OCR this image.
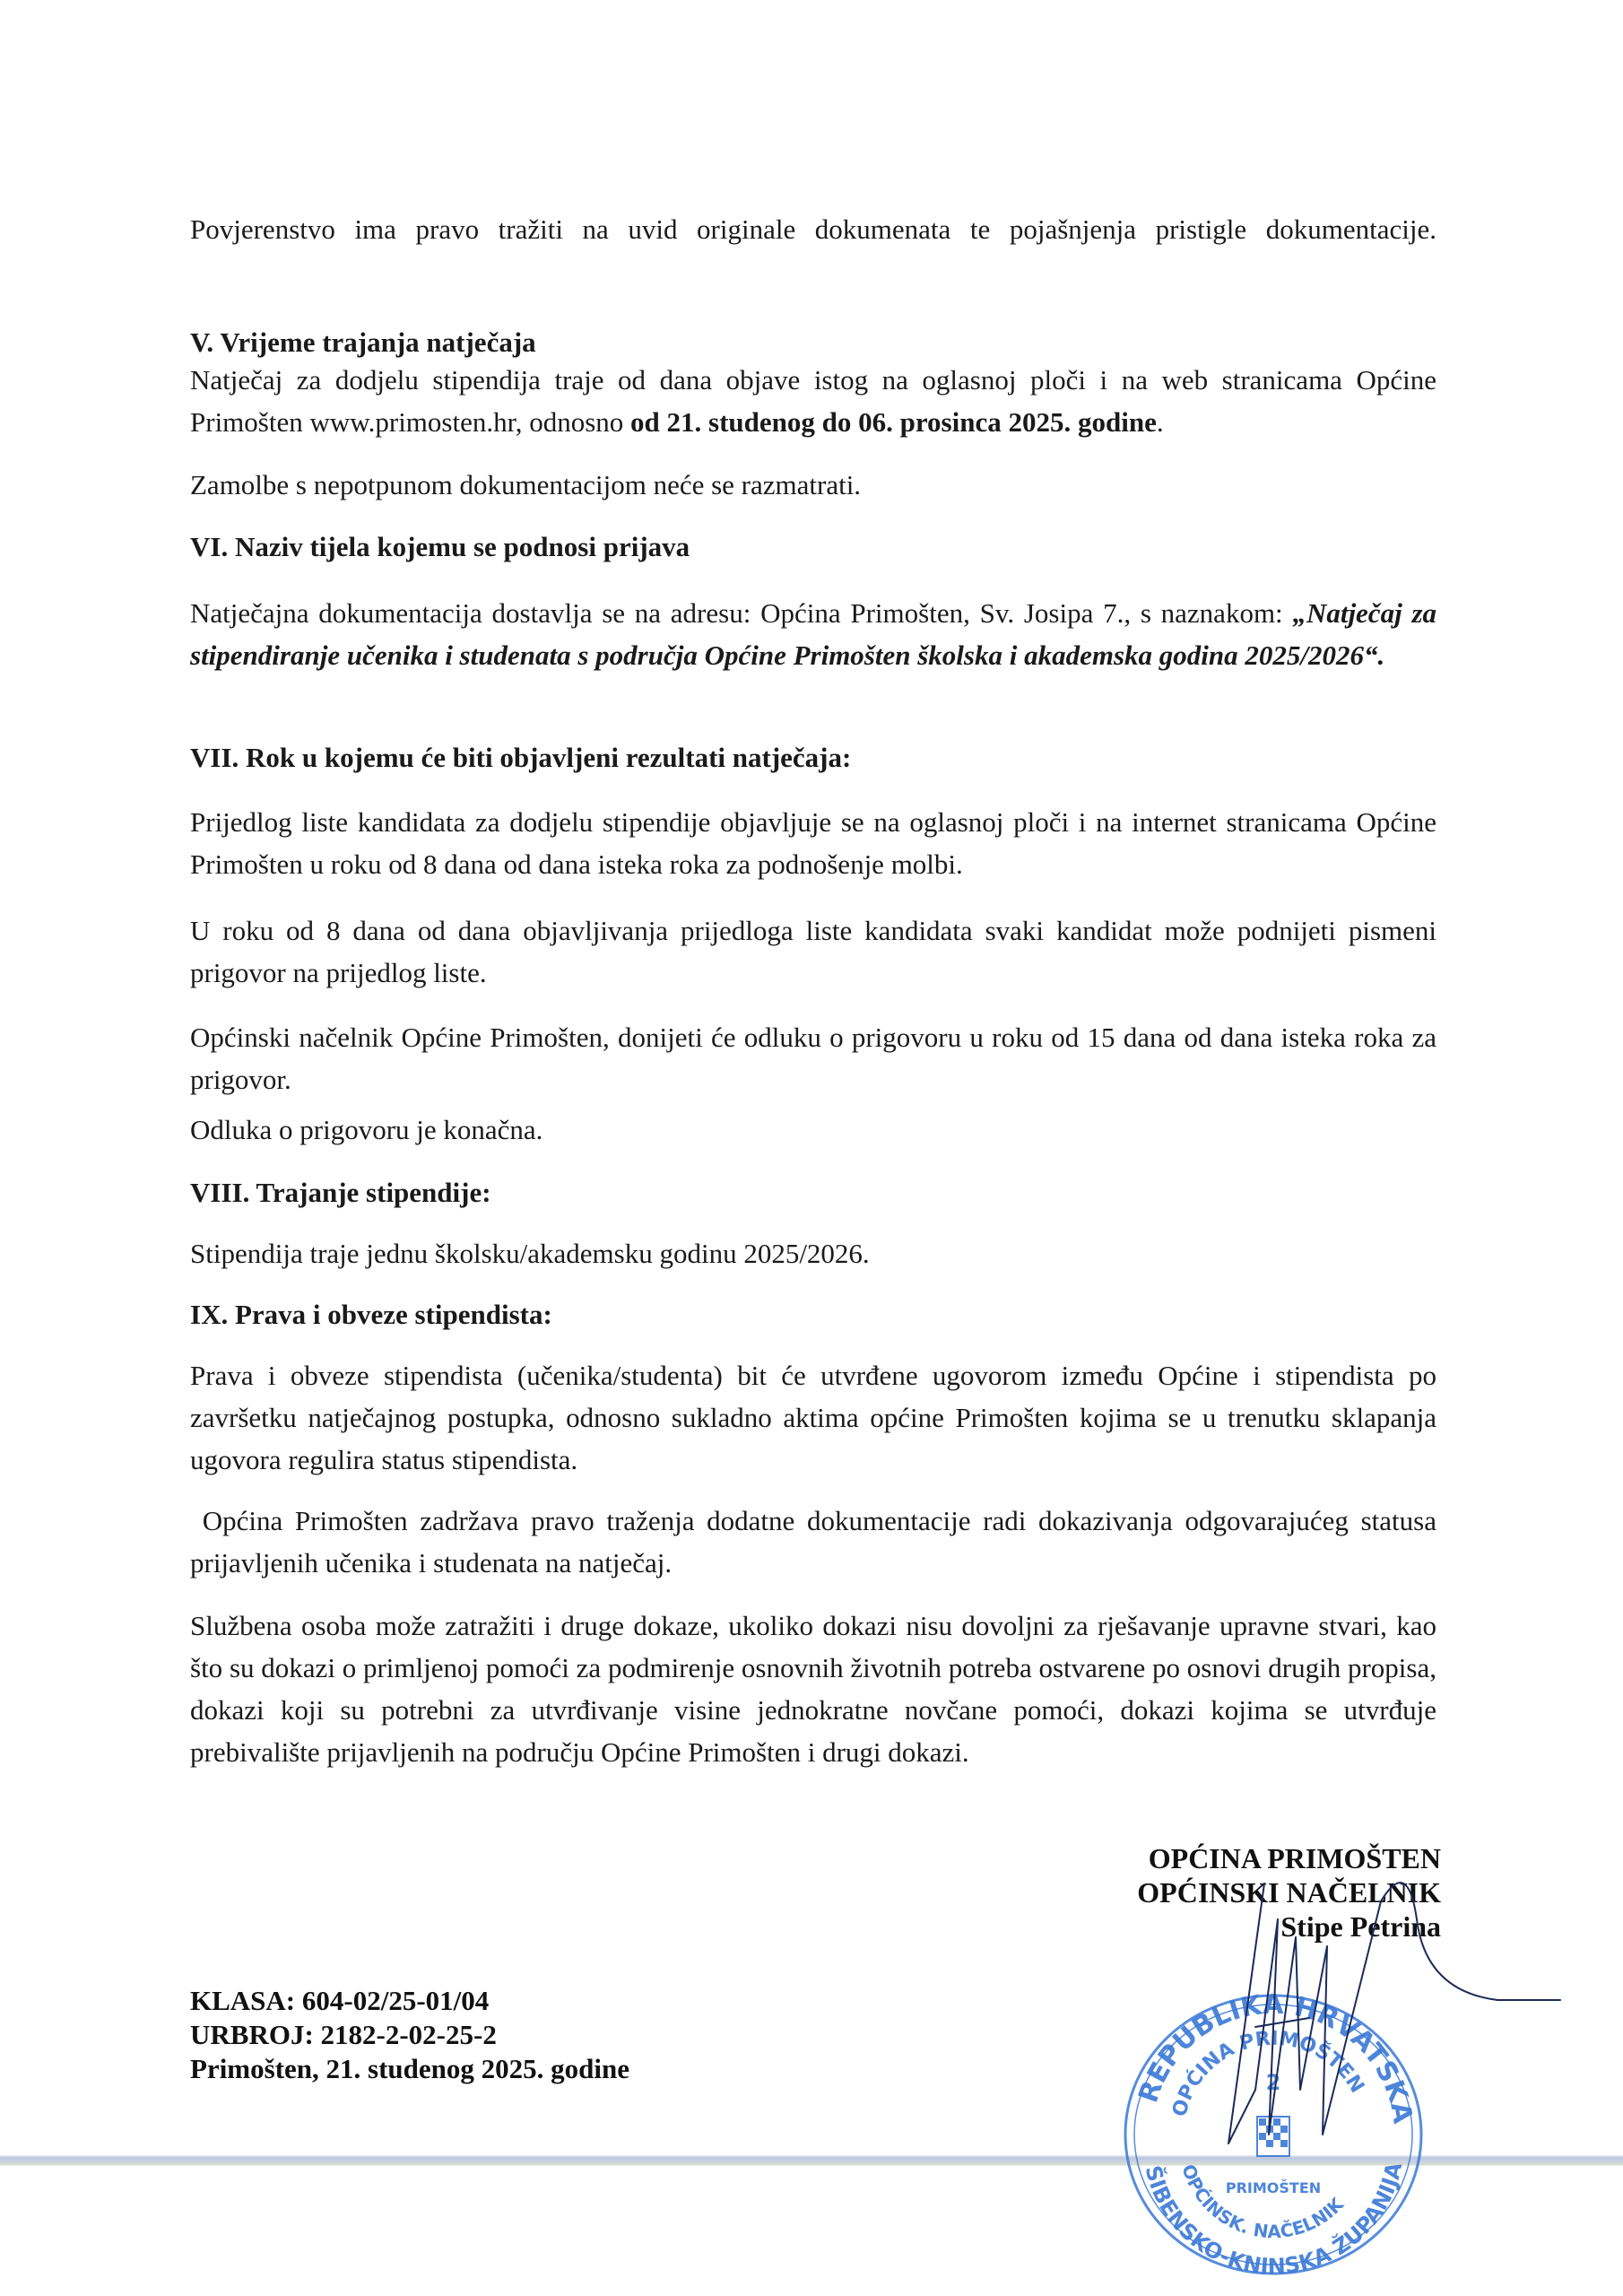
Povjerenstvo ima pravo tražiti na uvid originale dokumenata te pojašnjenja pristigle dokumentacije.
V. Vrijeme trajanja natječaja
Natječaj za dodjelu stipendija traje od dana objave istog na oglasnoj ploči i na web stranicama Općine Primošten www.primosten.hr, odnosno od 21. studenog do 06. prosinca 2025. godine.
Zamolbe s nepotpunom dokumentacijom neće se razmatrati.
VI. Naziv tijela kojemu se podnosi prijava
Natječajna dokumentacija dostavlja se na adresu: Općina Primošten, Sv. Josipa 7., s naznakom: „Natječaj za stipendiranje učenika i studenata s područja Općine Primošten školska i akademska godina 2025/2026“.
VII. Rok u kojemu će biti objavljeni rezultati natječaja:
Prijedlog liste kandidata za dodjelu stipendije objavljuje se na oglasnoj ploči i na internet stranicama Općine Primošten u roku od 8 dana od dana isteka roka za podnošenje molbi.
U roku od 8 dana od dana objavljivanja prijedloga liste kandidata svaki kandidat može podnijeti pismeni prigovor na prijedlog liste.
Općinski načelnik Općine Primošten, donijeti će odluku o prigovoru u roku od 15 dana od dana isteka roka za prigovor.
Odluka o prigovoru je konačna.
VIII. Trajanje stipendije:
Stipendija traje jednu školsku/akademsku godinu 2025/2026.
IX. Prava i obveze stipendista:
Prava i obveze stipendista (učenika/studenta) bit će utvrđene ugovorom između Općine i stipendista po završetku natječajnog postupka, odnosno sukladno aktima općine Primošten kojima se u trenutku sklapanja ugovora regulira status stipendista.
Općina Primošten zadržava pravo traženja dodatne dokumentacije radi dokazivanja odgovarajućeg statusa prijavljenih učenika i studenata na natječaj.
Službena osoba može zatražiti i druge dokaze, ukoliko dokazi nisu dovoljni za rješavanje upravne stvari, kao što su dokazi o primljenoj pomoći za podmirenje osnovnih životnih potreba ostvarene po osnovi drugih propisa, dokazi koji su potrebni za utvrđivanje visine jednokratne novčane pomoći, dokazi kojima se utvrđuje prebivalište prijavljenih na području Općine Primošten i drugi dokazi.
OPĆINA PRIMOŠTEN
OPĆINSKI NAČELNIK
Stipe Petrina
KLASA: 604-02/25-01/04
URBROJ: 2182-2-02-25-2
Primošten, 21. studenog 2025. godine
REPUBLIKA HRVATSKA
OPĆINA PRIMOŠTEN
ŠIBENSKO-KNINSKA ŽUPANIJA
OPĆINSK. NAČELNIK
2
PRIMOŠTEN
